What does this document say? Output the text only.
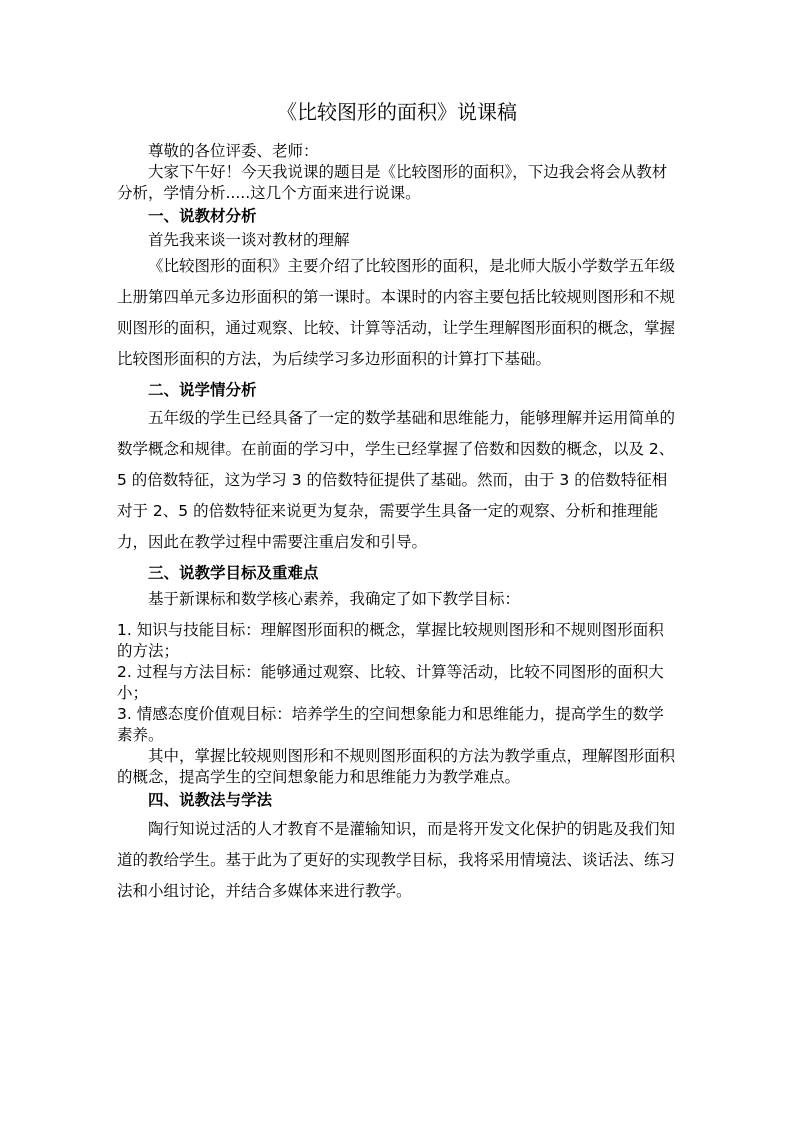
《比较图形的面积》说课稿

尊敬的各位评委、老师：

大家下午好！今天我说课的题目是《比较图形的面积》，下边我会将会从教材分析，学情分析.....这几个方面来进行说课。

一、说教材分析

首先我来谈一谈对教材的理解

《比较图形的面积》主要介绍了比较图形的面积，是北师大版小学数学五年级上册第四单元多边形面积的第一课时。本课时的内容主要包括比较规则图形和不规则图形的面积，通过观察、比较、计算等活动，让学生理解图形面积的概念，掌握比较图形面积的方法，为后续学习多边形面积的计算打下基础。

二、说学情分析

五年级的学生已经具备了一定的数学基础和思维能力，能够理解并运用简单的数学概念和规律。在前面的学习中，学生已经掌握了倍数和因数的概念，以及 2、5 的倍数特征，这为学习 3 的倍数特征提供了基础。然而，由于 3 的倍数特征相对于 2、5 的倍数特征来说更为复杂，需要学生具备一定的观察、分析和推理能力，因此在教学过程中需要注重启发和引导。

三、说教学目标及重难点

基于新课标和数学核心素养，我确定了如下教学目标：

1. 知识与技能目标：理解图形面积的概念，掌握比较规则图形和不规则图形面积的方法；

2. 过程与方法目标：能够通过观察、比较、计算等活动，比较不同图形的面积大小；

3. 情感态度价值观目标：培养学生的空间想象能力和思维能力，提高学生的数学素养。

其中，掌握比较规则图形和不规则图形面积的方法为教学重点，理解图形面积的概念，提高学生的空间想象能力和思维能力为教学难点。

四、说教法与学法

陶行知说过活的人才教育不是灌输知识，而是将开发文化保护的钥匙及我们知道的教给学生。基于此为了更好的实现教学目标，我将采用情境法、谈话法、练习法和小组讨论，并结合多媒体来进行教学。
